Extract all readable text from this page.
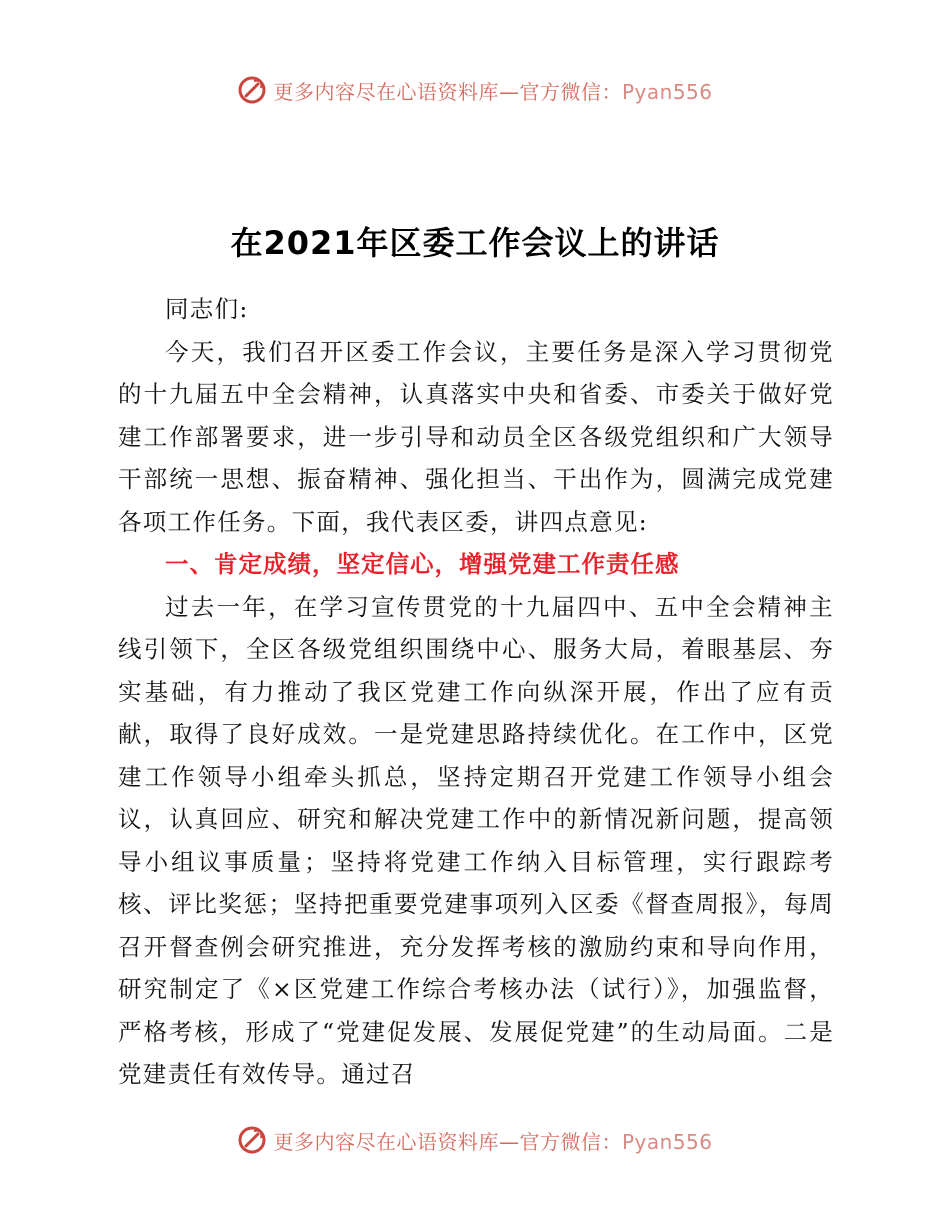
更多内容尽在心语资料库—官方微信：Pyan556
在2021年区委工作会议上的讲话

同志们:

今天，我们召开区委工作会议，主要任务是深入学习贯彻党的十九届五中全会精神，认真落实中央和省委、市委关于做好党建工作部署要求，进一步引导和动员全区各级党组织和广大领导干部统一思想、振奋精神、强化担当、干出作为，圆满完成党建各项工作任务。下面，我代表区委，讲四点意见:

一、肯定成绩，坚定信心，增强党建工作责任感

过去一年，在学习宣传贯党的十九届四中、五中全会精神主线引领下，全区各级党组织围绕中心、服务大局，着眼基层、夯实基础，有力推动了我区党建工作向纵深开展，作出了应有贡献，取得了良好成效。一是党建思路持续优化。在工作中，区党建工作领导小组牵头抓总，坚持定期召开党建工作领导小组会议，认真回应、研究和解决党建工作中的新情况新问题，提高领导小组议事质量；坚持将党建工作纳入目标管理，实行跟踪考核、评比奖惩；坚持把重要党建事项列入区委《督查周报》，每周召开督查例会研究推进，充分发挥考核的激励约束和导向作用，研究制定了《×区党建工作综合考核办法（试行）》，加强监督，严格考核，形成了“党建促发展、发展促党建”的生动局面。二是党建责任有效传导。通过召

更多内容尽在心语资料库—官方微信：Pyan556
